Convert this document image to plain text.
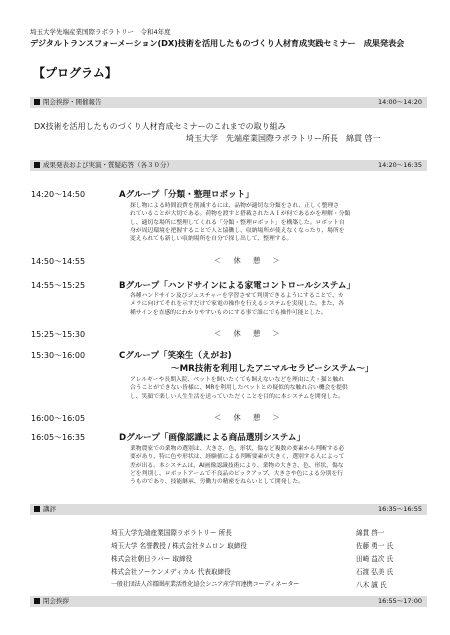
埼玉大学先端産業国際ラボラトリー　令和4年度
デジタルトランスフォーメーション(DX)技術を活用したものづくり人材育成実践セミナー　成果発表会
【プログラム】
閉会挨拶・開催報告	14:00～14:20
DX技術を活用したものづくり人材育成セミナーのこれまでの取り組み
埼玉大学　先端産業国際ラボラトリー所長　綿貫 啓一
成果発表および実演・質疑応答（各３０分）	14:20～16:35
14:20～14:50	Aグループ「分類・整理ロボット」
探し物による時間浪費を削減するには、品物が適切な分類をされ、正しく整理さ
れていることが大切である。荷物を渡すと搭載されたＡＩが何であるかを理解・分類
し、適切な場所に整理してくれる「分類・整理ロボット」を構築した。ロボット自
身が周辺環境を把握することで人と協働し、収納場所が使えなくなったり、場所を
変えられても新しい収納場所を自分で探し出して、整理する。
14:50～14:55	＜ 休 憩 ＞
14:55～15:25	Bグループ「ハンドサインによる家電コントロールシステム」
各種ハンドサイン及びジェスチャーを学習させて判別できるようにすることで、カ
メラに向けてそれを示すだけで家電の操作を行えるシステムを実現した。また、各
種サインを直感的にわかりやすいものにする事で誰にでも操作可能とした。
15:25～15:30	＜ 休 憩 ＞
15:30～16:00	Cグループ「笑楽生（えがお)
～MR技術を利用したアニマルセラピーシステム～」
アレルギーや長期入院、ペットを飼いたくても飼えないなどを理由に犬・猫と触れ
合うことができない皆様に、MRを利用したペットとの疑似的な触れ合い機会を提供
し、笑顔で楽しい人生生活を送っていただくことを目的に本システムを開発した。
16:00～16:05	＜ 休 憩 ＞
16:05～16:35	Dグループ「画像認識による商品選別システム」
業物農家での業物の選別は、大きさ、色、形状、傷など複数の要素から判断する必
要があり、特に色や形状は、経験値による判断要素が大きく、選別する人によって
差が出る。本システムは、AI画像認識技術により、業物の大きさ、色、形状、傷な
どを判別し、ロボットアームで不良品のピックアップ、大きさや色による分別を行
うものであり、技能継承、労働力の精密をねらいとして開発した。
講評	16:35～16:55
埼玉大学先端産業国際ラボラトリー 所長	綿貫 啓一
埼玉大学 名誉教授 / 株式会社タムロン 取締役	佐藤 勇一 氏
株式会社朝日ラバー 取締役	田崎 益次 氏
株式会社ソーケンメディカル 代表取締役	石渡 弘美 氏
一般社団法人首都圏産業活性化協会シニア産学官連携コーディネーター	八木 誠 氏
閉会挨拶	16:55～17:00
